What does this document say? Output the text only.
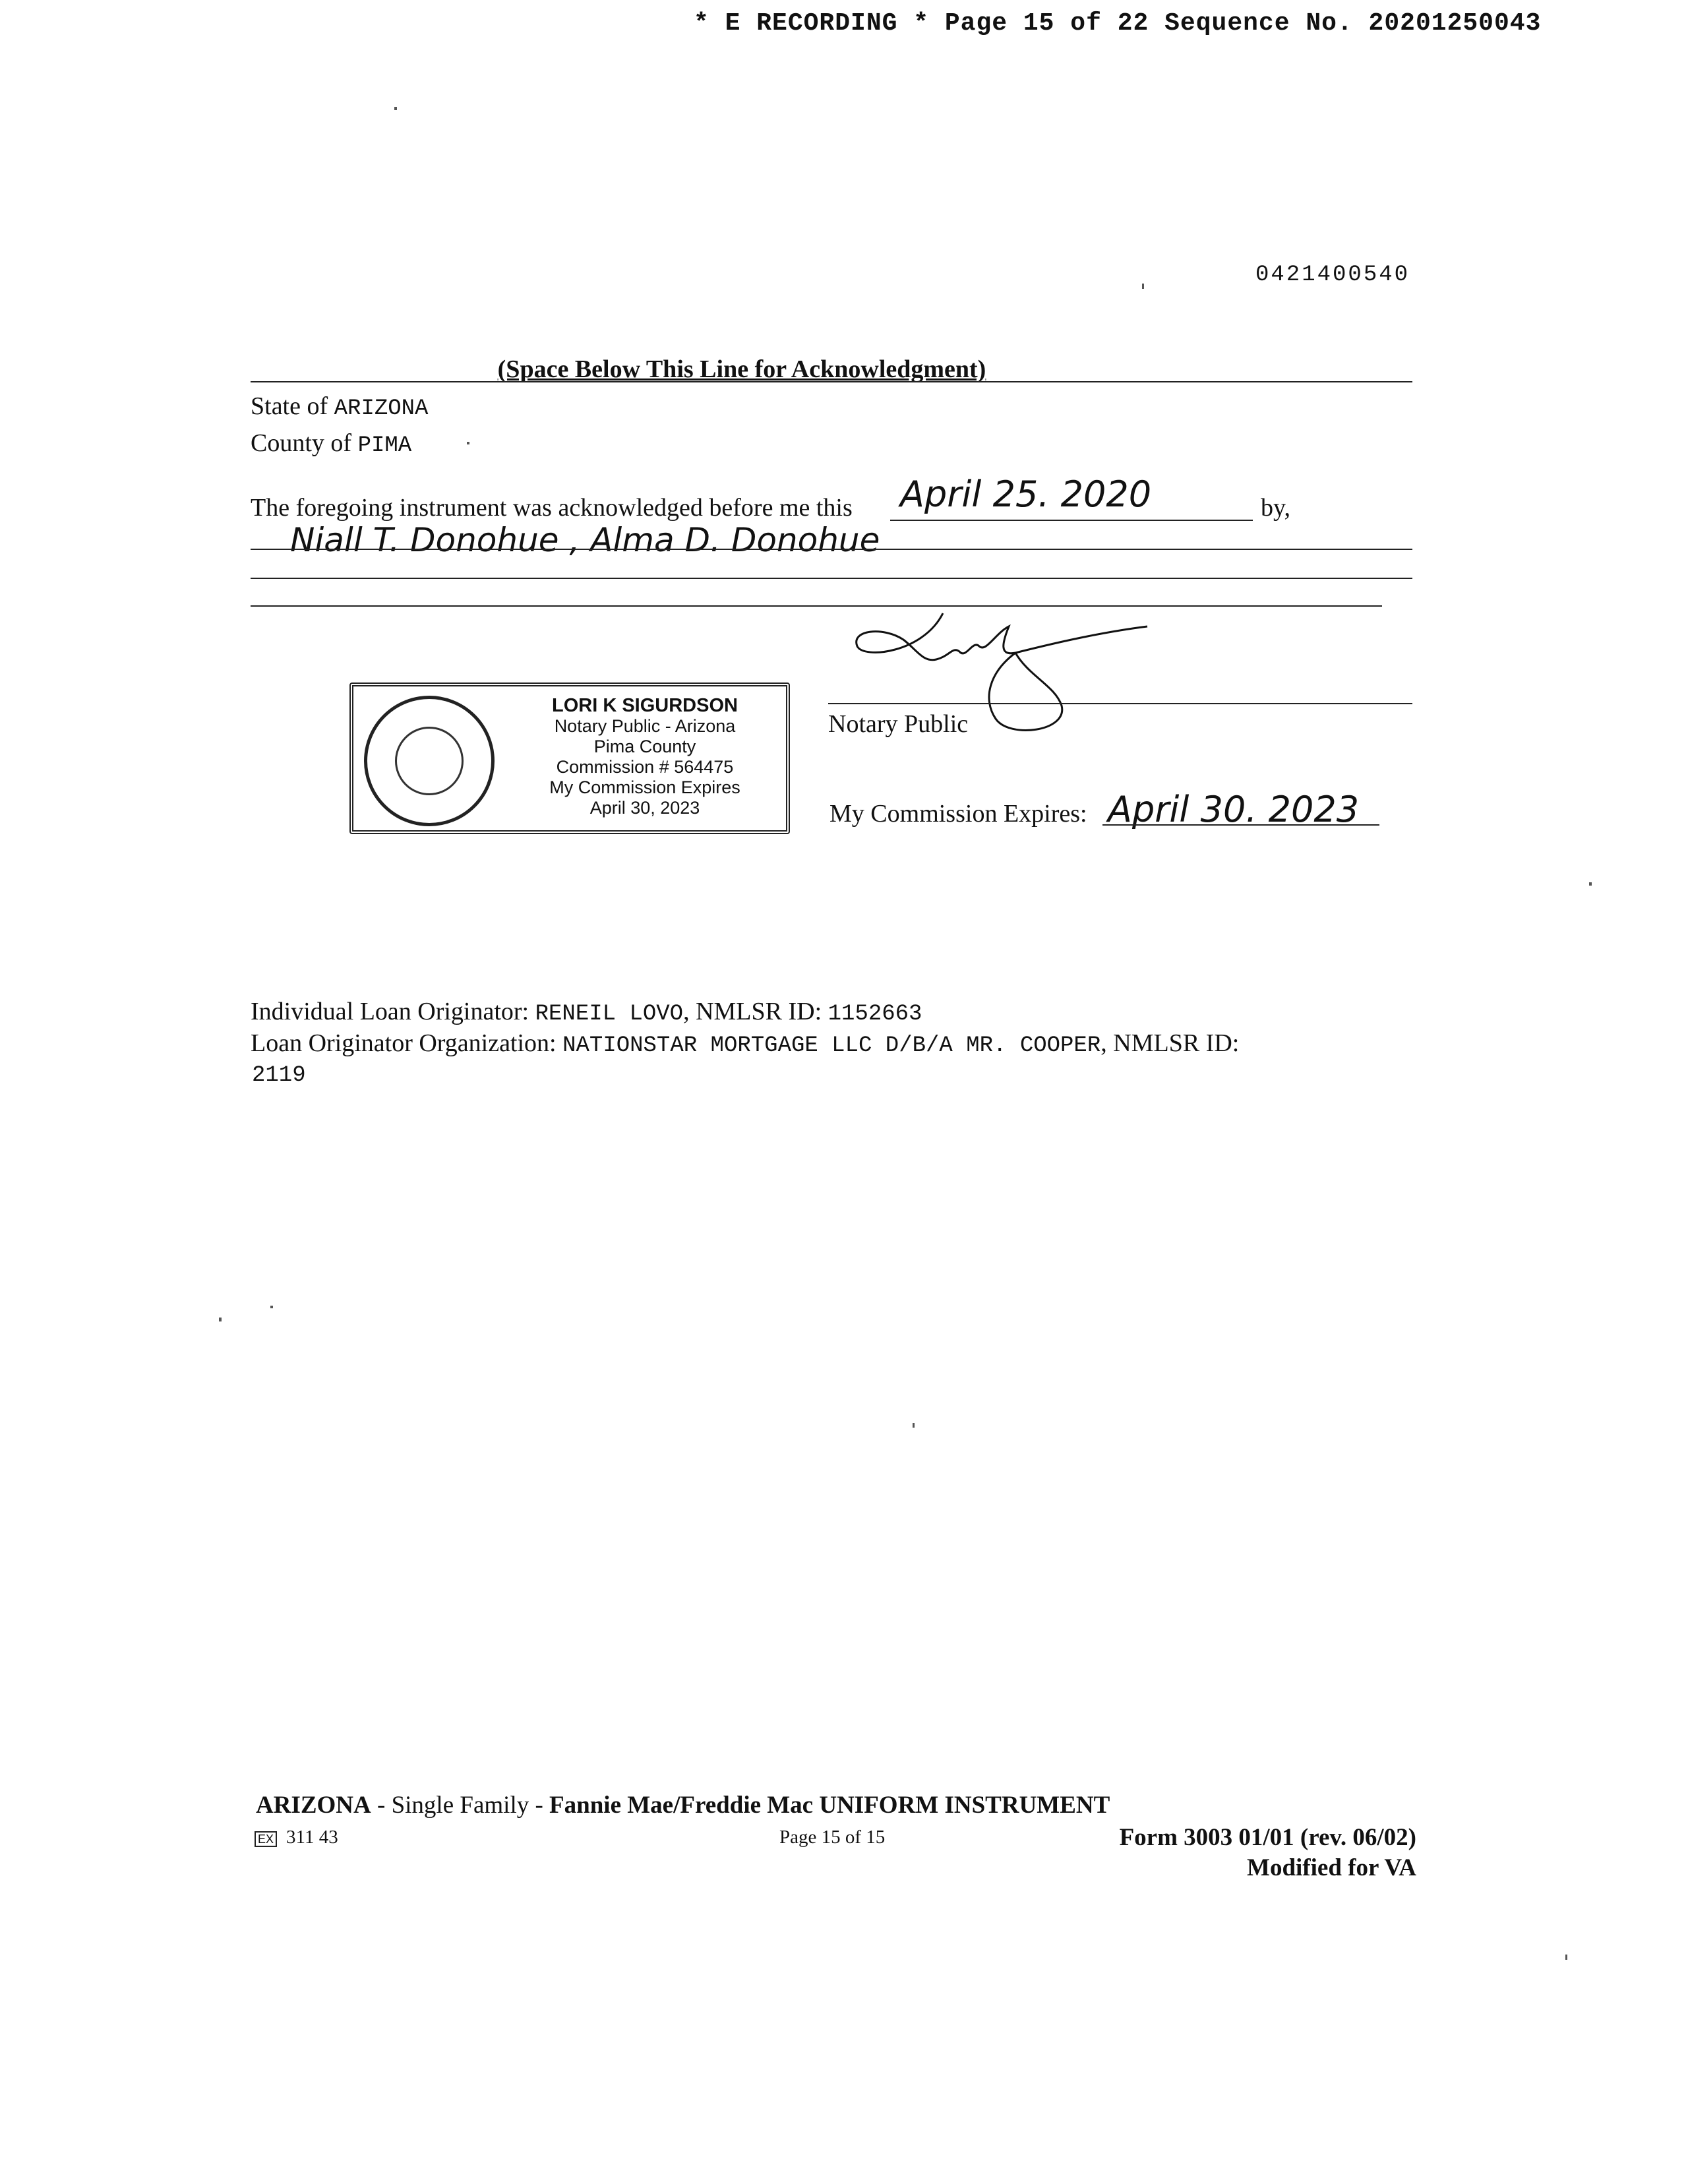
* E RECORDING * Page 15 of 22 Sequence No. 20201250043
0421400540
(Space Below This Line for Acknowledgment)
State of ARIZONA
County of PIMA
The foregoing instrument was acknowledged before me this April 25. 2020	by,
Niall T. Donohue , Alma D. Donohue
LORI K SIGURDSON
Notary Public - Arizona
Pima County
Commission # 564475
My Commission Expires
April 30, 2023
Notary Public
My Commission Expires: April 30. 2023
Individual Loan Originator: RENEIL LOVO, NMLSR ID: 1152663
Loan Originator Organization: NATIONSTAR MORTGAGE LLC D/B/A MR. COOPER, NMLSR ID:
2119
ARIZONA - Single Family - Fannie Mae/Freddie Mac UNIFORM INSTRUMENT
EX 311 43	Page 15 of 15	Form 3003 01/01 (rev. 06/02)
Modified for VA
